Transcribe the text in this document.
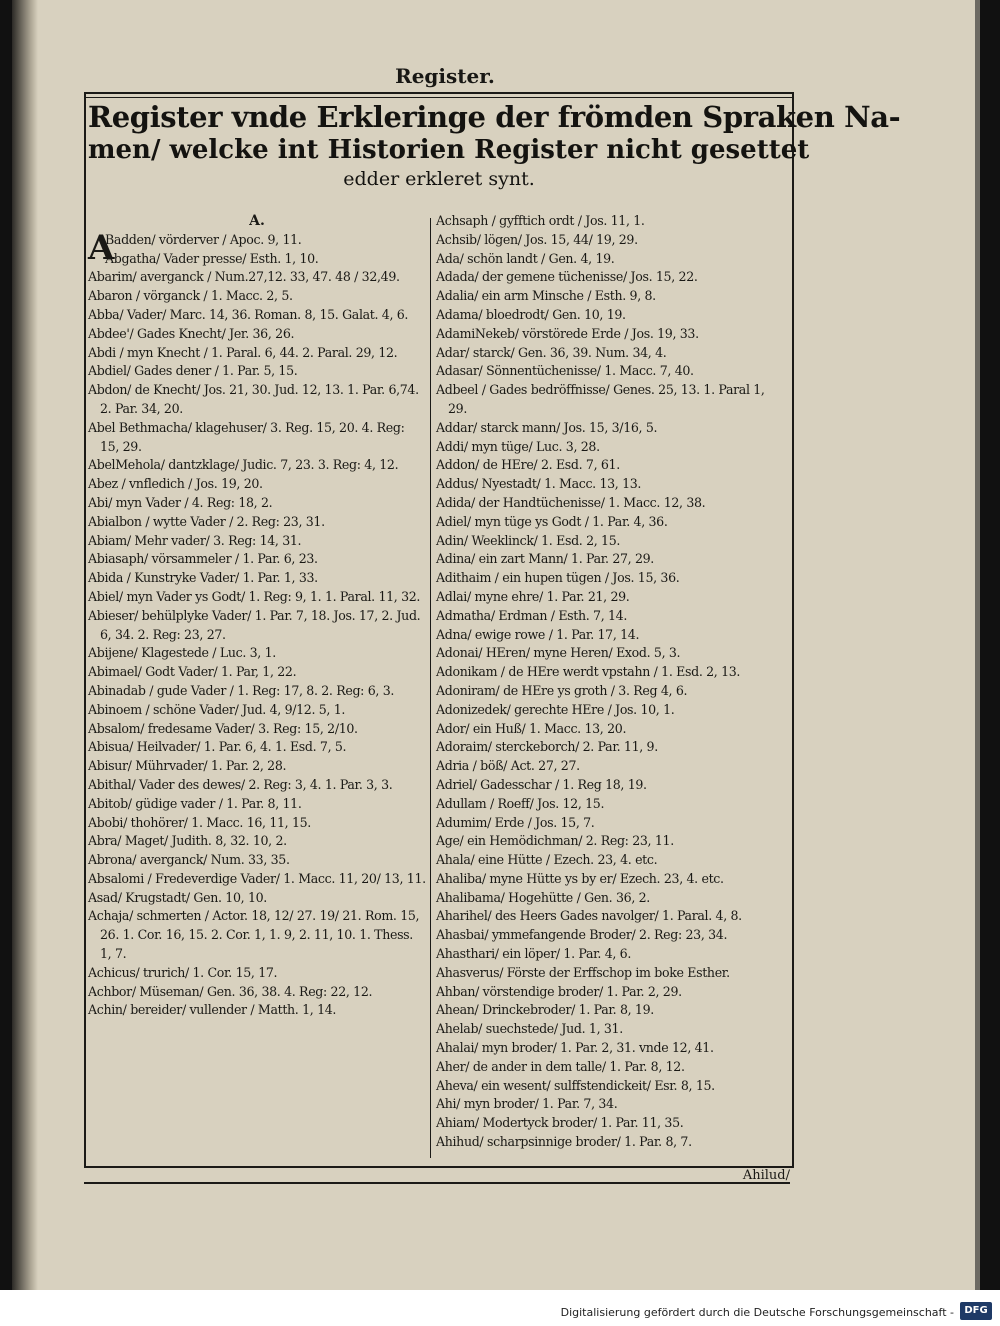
Register.
Register vnde Erkleringe der frömden Spraken Na-
men/ welcke int Historien Register nicht gesettet
edder erkleret synt.
A.

ABadden/ vörderver / Apoc. 9, 11.

Abgatha/ Vader presse/ Esth. 1, 10.

Abarim/ averganck / Num.27,12. 33, 47. 48 / 32,49.

Abaron / vörganck / 1. Macc. 2, 5.

Abba/ Vader/ Marc. 14, 36. Roman. 8, 15. Galat. 4, 6.

Abdee'/ Gades Knecht/ Jer. 36, 26.

Abdi / myn Knecht / 1. Paral. 6, 44. 2. Paral. 29, 12.

Abdiel/ Gades dener / 1. Par. 5, 15.

Abdon/ de Knecht/ Jos. 21, 30. Jud. 12, 13. 1. Par. 6,74. 2. Par. 34, 20.

Abel Bethmacha/ klagehuser/ 3. Reg. 15, 20. 4. Reg: 15, 29.

AbelMehola/ dantzklage/ Judic. 7, 23. 3. Reg: 4, 12.

Abez / vnfledich / Jos. 19, 20.

Abi/ myn Vader / 4. Reg: 18, 2.

Abialbon / wytte Vader / 2. Reg: 23, 31.

Abiam/ Mehr vader/ 3. Reg: 14, 31.

Abiasaph/ vörsammeler / 1. Par. 6, 23.

Abida / Kunstryke Vader/ 1. Par. 1, 33.

Abiel/ myn Vader ys Godt/ 1. Reg: 9, 1. 1. Paral. 11, 32.

Abieser/ behülplyke Vader/ 1. Par. 7, 18. Jos. 17, 2. Jud. 6, 34. 2. Reg: 23, 27.

Abijene/ Klagestede / Luc. 3, 1.

Abimael/ Godt Vader/ 1. Par, 1, 22.

Abinadab / gude Vader / 1. Reg: 17, 8. 2. Reg: 6, 3.

Abinoem / schöne Vader/ Jud. 4, 9/12. 5, 1.

Absalom/ fredesame Vader/ 3. Reg: 15, 2/10.

Abisua/ Heilvader/ 1. Par. 6, 4. 1. Esd. 7, 5.

Abisur/ Mührvader/ 1. Par. 2, 28.

Abithal/ Vader des dewes/ 2. Reg: 3, 4. 1. Par. 3, 3.

Abitob/ güdige vader / 1. Par. 8, 11.

Abobi/ thohörer/ 1. Macc. 16, 11, 15.

Abra/ Maget/ Judith. 8, 32. 10, 2.

Abrona/ averganck/ Num. 33, 35.

Absalomi / Fredeverdige Vader/ 1. Macc. 11, 20/ 13, 11.

Asad/ Krugstadt/ Gen. 10, 10.

Achaja/ schmerten / Actor. 18, 12/ 27. 19/ 21. Rom. 15, 26. 1. Cor. 16, 15. 2. Cor. 1, 1. 9, 2. 11, 10. 1. Thess. 1, 7.

Achicus/ trurich/ 1. Cor. 15, 17.

Achbor/ Müseman/ Gen. 36, 38. 4. Reg: 22, 12.

Achin/ bereider/ vullender / Matth. 1, 14.

Achsaph / gyfftich ordt / Jos. 11, 1.

Achsib/ lögen/ Jos. 15, 44/ 19, 29.

Ada/ schön landt / Gen. 4, 19.

Adada/ der gemene tüchenisse/ Jos. 15, 22.

Adalia/ ein arm Minsche / Esth. 9, 8.

Adama/ bloedrodt/ Gen. 10, 19.

AdamiNekeb/ vörstörede Erde / Jos. 19, 33.

Adar/ starck/ Gen. 36, 39. Num. 34, 4.

Adasar/ Sönnentüchenisse/ 1. Macc. 7, 40.

Adbeel / Gades bedröffnisse/ Genes. 25, 13. 1. Paral 1, 29.

Addar/ starck mann/ Jos. 15, 3/16, 5.

Addi/ myn tüge/ Luc. 3, 28.

Addon/ de HEre/ 2. Esd. 7, 61.

Addus/ Nyestadt/ 1. Macc. 13, 13.

Adida/ der Handtüchenisse/ 1. Macc. 12, 38.

Adiel/ myn tüge ys Godt / 1. Par. 4, 36.

Adin/ Weeklinck/ 1. Esd. 2, 15.

Adina/ ein zart Mann/ 1. Par. 27, 29.

Adithaim / ein hupen tügen / Jos. 15, 36.

Adlai/ myne ehre/ 1. Par. 21, 29.

Admatha/ Erdman / Esth. 7, 14.

Adna/ ewige rowe / 1. Par. 17, 14.

Adonai/ HEren/ myne Heren/ Exod. 5, 3.

Adonikam / de HEre werdt vpstahn / 1. Esd. 2, 13.

Adoniram/ de HEre ys groth / 3. Reg 4, 6.

Adonizedek/ gerechte HEre / Jos. 10, 1.

Ador/ ein Huß/ 1. Macc. 13, 20.

Adoraim/ sterckeborch/ 2. Par. 11, 9.

Adria / böß/ Act. 27, 27.

Adriel/ Gadesschar / 1. Reg 18, 19.

Adullam / Roeff/ Jos. 12, 15.

Adumim/ Erde / Jos. 15, 7.

Age/ ein Hemödichman/ 2. Reg: 23, 11.

Ahala/ eine Hütte / Ezech. 23, 4. etc.

Ahaliba/ myne Hütte ys by er/ Ezech. 23, 4. etc.

Ahalibama/ Hogehütte / Gen. 36, 2.

Aharihel/ des Heers Gades navolger/ 1. Paral. 4, 8.

Ahasbai/ ymmefangende Broder/ 2. Reg: 23, 34.

Ahasthari/ ein löper/ 1. Par. 4, 6.

Ahasverus/ Förste der Erffschop im boke Esther.

Ahban/ vörstendige broder/ 1. Par. 2, 29.

Ahean/ Drinckebroder/ 1. Par. 8, 19.

Ahelab/ suechstede/ Jud. 1, 31.

Ahalai/ myn broder/ 1. Par. 2, 31. vnde 12, 41.

Aher/ de ander in dem talle/ 1. Par. 8, 12.

Aheva/ ein wesent/ sulffstendickeit/ Esr. 8, 15.

Ahi/ myn broder/ 1. Par. 7, 34.

Ahiam/ Modertyck broder/ 1. Par. 11, 35.

Ahihud/ scharpsinnige broder/ 1. Par. 8, 7.

Ahilud/
Digitalisierung gefördert durch die Deutsche Forschungsgemeinschaft -	DFG
